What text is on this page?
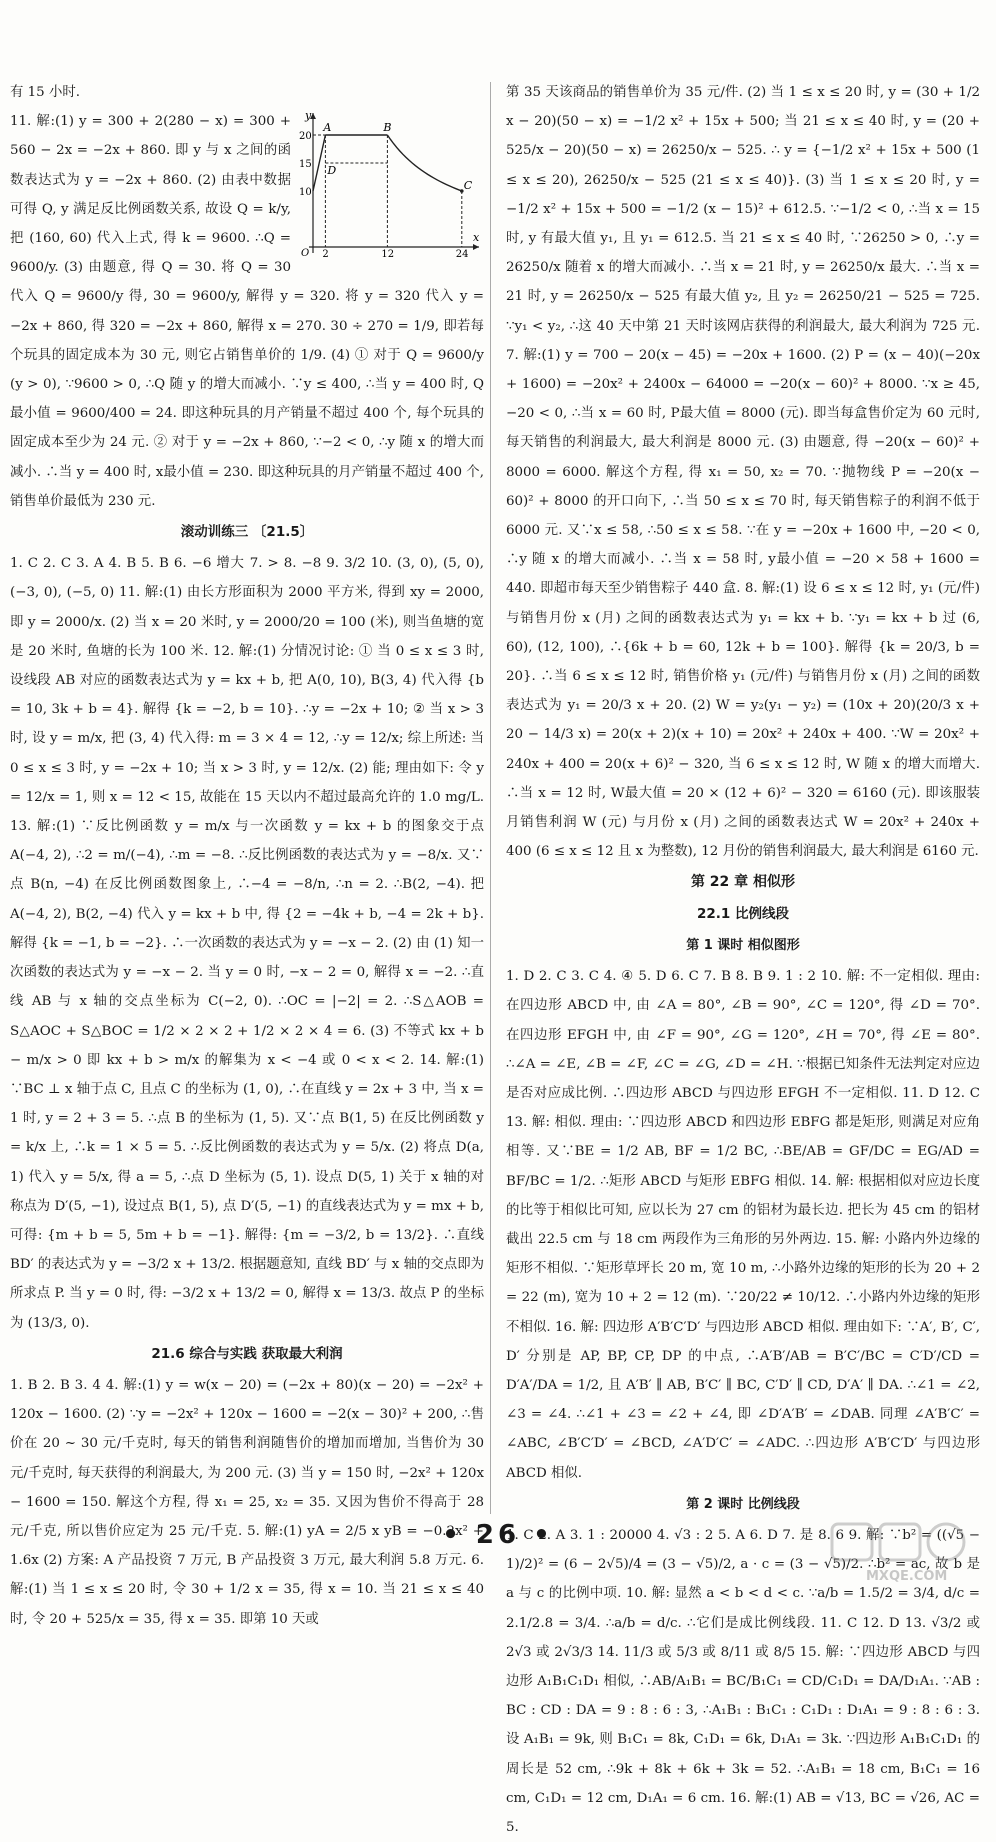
有 15 小时.

y
x
O
20
15
10
2	12	24
A	B
C
D

11. 解:(1) y = 300 + 2(280 − x) = 300 + 560 − 2x = −2x + 860. 即 y 与 x 之间的函数表达式为 y = −2x + 860. (2) 由表中数据可得 Q, y 满足反比例函数关系, 故设 Q = k/y, 把 (160, 60) 代入上式, 得 k = 9600. ∴Q = 9600/y. (3) 由题意, 得 Q = 30. 将 Q = 30 代入 Q = 9600/y 得, 30 = 9600/y, 解得 y = 320. 将 y = 320 代入 y = −2x + 860, 得 320 = −2x + 860, 解得 x = 270. 30 ÷ 270 = 1/9, 即若每个玩具的固定成本为 30 元, 则它占销售单价的 1/9. (4) ① 对于 Q = 9600/y (y > 0), ∵9600 > 0, ∴Q 随 y 的增大而减小. ∵y ≤ 400, ∴当 y = 400 时, Q最小值 = 9600/400 = 24. 即这种玩具的月产销量不超过 400 个, 每个玩具的固定成本至少为 24 元. ② 对于 y = −2x + 860, ∵−2 < 0, ∴y 随 x 的增大而减小. ∴当 y = 400 时, x最小值 = 230. 即这种玩具的月产销量不超过 400 个, 销售单价最低为 230 元.

滚动训练三 〔21.5〕

1. C 2. C 3. A 4. B 5. B 6. −6 增大 7. > 8. −8 9. 3/2 10. (3, 0), (5, 0), (−3, 0), (−5, 0) 11. 解:(1) 由长方形面积为 2000 平方米, 得到 xy = 2000, 即 y = 2000/x. (2) 当 x = 20 米时, y = 2000/20 = 100 (米), 则当鱼塘的宽是 20 米时, 鱼塘的长为 100 米. 12. 解:(1) 分情况讨论: ① 当 0 ≤ x ≤ 3 时, 设线段 AB 对应的函数表达式为 y = kx + b, 把 A(0, 10), B(3, 4) 代入得 {b = 10, 3k + b = 4}. 解得 {k = −2, b = 10}. ∴y = −2x + 10; ② 当 x > 3 时, 设 y = m/x, 把 (3, 4) 代入得: m = 3 × 4 = 12, ∴y = 12/x; 综上所述: 当 0 ≤ x ≤ 3 时, y = −2x + 10; 当 x > 3 时, y = 12/x. (2) 能; 理由如下: 令 y = 12/x = 1, 则 x = 12 < 15, 故能在 15 天以内不超过最高允许的 1.0 mg/L. 13. 解:(1) ∵反比例函数 y = m/x 与一次函数 y = kx + b 的图象交于点 A(−4, 2), ∴2 = m/(−4), ∴m = −8. ∴反比例函数的表达式为 y = −8/x. 又∵点 B(n, −4) 在反比例函数图象上, ∴−4 = −8/n, ∴n = 2. ∴B(2, −4). 把 A(−4, 2), B(2, −4) 代入 y = kx + b 中, 得 {2 = −4k + b, −4 = 2k + b}. 解得 {k = −1, b = −2}. ∴一次函数的表达式为 y = −x − 2. (2) 由 (1) 知一次函数的表达式为 y = −x − 2. 当 y = 0 时, −x − 2 = 0, 解得 x = −2. ∴直线 AB 与 x 轴的交点坐标为 C(−2, 0). ∴OC = |−2| = 2. ∴S△AOB = S△AOC + S△BOC = 1/2 × 2 × 2 + 1/2 × 2 × 4 = 6. (3) 不等式 kx + b − m/x > 0 即 kx + b > m/x 的解集为 x < −4 或 0 < x < 2. 14. 解:(1) ∵BC ⊥ x 轴于点 C, 且点 C 的坐标为 (1, 0), ∴在直线 y = 2x + 3 中, 当 x = 1 时, y = 2 + 3 = 5. ∴点 B 的坐标为 (1, 5). 又∵点 B(1, 5) 在反比例函数 y = k/x 上, ∴k = 1 × 5 = 5. ∴反比例函数的表达式为 y = 5/x. (2) 将点 D(a, 1) 代入 y = 5/x, 得 a = 5, ∴点 D 坐标为 (5, 1). 设点 D(5, 1) 关于 x 轴的对称点为 D′(5, −1), 设过点 B(1, 5), 点 D′(5, −1) 的直线表达式为 y = mx + b, 可得: {m + b = 5, 5m + b = −1}. 解得: {m = −3/2, b = 13/2}. ∴直线 BD′ 的表达式为 y = −3/2 x + 13/2. 根据题意知, 直线 BD′ 与 x 轴的交点即为所求点 P. 当 y = 0 时, 得: −3/2 x + 13/2 = 0, 解得 x = 13/3. 故点 P 的坐标为 (13/3, 0).

21.6 综合与实践 获取最大利润

1. B 2. B 3. 4 4. 解:(1) y = w(x − 20) = (−2x + 80)(x − 20) = −2x² + 120x − 1600. (2) ∵y = −2x² + 120x − 1600 = −2(x − 30)² + 200, ∴售价在 20 ~ 30 元/千克时, 每天的销售利润随售价的增加而增加, 当售价为 30 元/千克时, 每天获得的利润最大, 为 200 元. (3) 当 y = 150 时, −2x² + 120x − 1600 = 150. 解这个方程, 得 x₁ = 25, x₂ = 35. 又因为售价不得高于 28 元/千克, 所以售价应定为 25 元/千克. 5. 解:(1) yA = 2/5 x yB = −0.2x² + 1.6x (2) 方案: A 产品投资 7 万元, B 产品投资 3 万元, 最大利润 5.8 万元. 6. 解:(1) 当 1 ≤ x ≤ 20 时, 令 30 + 1/2 x = 35, 得 x = 10. 当 21 ≤ x ≤ 40 时, 令 20 + 525/x = 35, 得 x = 35. 即第 10 天或

第 35 天该商品的销售单价为 35 元/件. (2) 当 1 ≤ x ≤ 20 时, y = (30 + 1/2 x − 20)(50 − x) = −1/2 x² + 15x + 500; 当 21 ≤ x ≤ 40 时, y = (20 + 525/x − 20)(50 − x) = 26250/x − 525. ∴ y = {−1/2 x² + 15x + 500 (1 ≤ x ≤ 20), 26250/x − 525 (21 ≤ x ≤ 40)}. (3) 当 1 ≤ x ≤ 20 时, y = −1/2 x² + 15x + 500 = −1/2 (x − 15)² + 612.5. ∵−1/2 < 0, ∴当 x = 15 时, y 有最大值 y₁, 且 y₁ = 612.5. 当 21 ≤ x ≤ 40 时, ∵26250 > 0, ∴y = 26250/x 随着 x 的增大而减小. ∴当 x = 21 时, y = 26250/x 最大. ∴当 x = 21 时, y = 26250/x − 525 有最大值 y₂, 且 y₂ = 26250/21 − 525 = 725. ∵y₁ < y₂, ∴这 40 天中第 21 天时该网店获得的利润最大, 最大利润为 725 元. 7. 解:(1) y = 700 − 20(x − 45) = −20x + 1600. (2) P = (x − 40)(−20x + 1600) = −20x² + 2400x − 64000 = −20(x − 60)² + 8000. ∵x ≥ 45, −20 < 0, ∴当 x = 60 时, P最大值 = 8000 (元). 即当每盒售价定为 60 元时, 每天销售的利润最大, 最大利润是 8000 元. (3) 由题意, 得 −20(x − 60)² + 8000 = 6000. 解这个方程, 得 x₁ = 50, x₂ = 70. ∵抛物线 P = −20(x − 60)² + 8000 的开口向下, ∴当 50 ≤ x ≤ 70 时, 每天销售粽子的利润不低于 6000 元. 又∵x ≤ 58, ∴50 ≤ x ≤ 58. ∵在 y = −20x + 1600 中, −20 < 0, ∴y 随 x 的增大而减小. ∴当 x = 58 时, y最小值 = −20 × 58 + 1600 = 440. 即超市每天至少销售粽子 440 盒. 8. 解:(1) 设 6 ≤ x ≤ 12 时, y₁ (元/件) 与销售月份 x (月) 之间的函数表达式为 y₁ = kx + b. ∵y₁ = kx + b 过 (6, 60), (12, 100), ∴{6k + b = 60, 12k + b = 100}. 解得 {k = 20/3, b = 20}. ∴当 6 ≤ x ≤ 12 时, 销售价格 y₁ (元/件) 与销售月份 x (月) 之间的函数表达式为 y₁ = 20/3 x + 20. (2) W = y₂(y₁ − y₂) = (10x + 20)(20/3 x + 20 − 14/3 x) = 20(x + 2)(x + 10) = 20x² + 240x + 400. ∵W = 20x² + 240x + 400 = 20(x + 6)² − 320, 当 6 ≤ x ≤ 12 时, W 随 x 的增大而增大. ∴当 x = 12 时, W最大值 = 20 × (12 + 6)² − 320 = 6160 (元). 即该服装月销售利润 W (元) 与月份 x (月) 之间的函数表达式 W = 20x² + 240x + 400 (6 ≤ x ≤ 12 且 x 为整数), 12 月份的销售利润最大, 最大利润是 6160 元.

第 22 章 相似形
22.1 比例线段
第 1 课时 相似图形

1. D 2. C 3. C 4. ④ 5. D 6. C 7. B 8. B 9. 1 : 2 10. 解: 不一定相似. 理由: 在四边形 ABCD 中, 由 ∠A = 80°, ∠B = 90°, ∠C = 120°, 得 ∠D = 70°. 在四边形 EFGH 中, 由 ∠F = 90°, ∠G = 120°, ∠H = 70°, 得 ∠E = 80°. ∴∠A = ∠E, ∠B = ∠F, ∠C = ∠G, ∠D = ∠H. ∵根据已知条件无法判定对应边是否对应成比例. ∴四边形 ABCD 与四边形 EFGH 不一定相似. 11. D 12. C 13. 解: 相似. 理由: ∵四边形 ABCD 和四边形 EBFG 都是矩形, 则满足对应角相等. 又∵BE = 1/2 AB, BF = 1/2 BC, ∴BE/AB = GF/DC = EG/AD = BF/BC = 1/2. ∴矩形 ABCD 与矩形 EBFG 相似. 14. 解: 根据相似对应边长度的比等于相似比可知, 应以长为 27 cm 的铝材为最长边. 把长为 45 cm 的铝材截出 22.5 cm 与 18 cm 两段作为三角形的另外两边. 15. 解: 小路内外边缘的矩形不相似. ∵矩形草坪长 20 m, 宽 10 m, ∴小路外边缘的矩形的长为 20 + 2 = 22 (m), 宽为 10 + 2 = 12 (m). ∵20/22 ≠ 10/12. ∴小路内外边缘的矩形不相似. 16. 解: 四边形 A′B′C′D′ 与四边形 ABCD 相似. 理由如下: ∵A′, B′, C′, D′ 分别是 AP, BP, CP, DP 的中点, ∴A′B′/AB = B′C′/BC = C′D′/CD = D′A′/DA = 1/2, 且 A′B′ ∥ AB, B′C′ ∥ BC, C′D′ ∥ CD, D′A′ ∥ DA. ∴∠1 = ∠2, ∠3 = ∠4. ∴∠1 + ∠3 = ∠2 + ∠4, 即 ∠D′A′B′ = ∠DAB. 同理 ∠A′B′C′ = ∠ABC, ∠B′C′D′ = ∠BCD, ∠A′D′C′ = ∠ADC. ∴四边形 A′B′C′D′ 与四边形 ABCD 相似.

第 2 课时 比例线段

1. C 2. A 3. 1 : 20000 4. √3 : 2 5. A 6. D 7. 是 8. 6 9. 解: ∵b² = ((√5 − 1)/2)² = (6 − 2√5)/4 = (3 − √5)/2, a · c = (3 − √5)/2. ∴b² = ac, 故 b 是 a 与 c 的比例中项. 10. 解: 显然 a < b < d < c. ∵a/b = 1.5/2 = 3/4, d/c = 2.1/2.8 = 3/4. ∴a/b = d/c. ∴它们是成比例线段. 11. C 12. D 13. √3/2 或 2√3 或 2√3/3 14. 11/3 或 5/3 或 8/11 或 8/5 15. 解: ∵四边形 ABCD 与四边形 A₁B₁C₁D₁ 相似, ∴AB/A₁B₁ = BC/B₁C₁ = CD/C₁D₁ = DA/D₁A₁. ∵AB : BC : CD : DA = 9 : 8 : 6 : 3, ∴A₁B₁ : B₁C₁ : C₁D₁ : D₁A₁ = 9 : 8 : 6 : 3. 设 A₁B₁ = 9k, 则 B₁C₁ = 8k, C₁D₁ = 6k, D₁A₁ = 3k. ∵四边形 A₁B₁C₁D₁ 的周长是 52 cm, ∴9k + 8k + 6k + 3k = 52. ∴A₁B₁ = 18 cm, B₁C₁ = 16 cm, C₁D₁ = 12 cm, D₁A₁ = 6 cm. 16. 解:(1) AB = √13, BC = √26, AC = 5.

• 26 •
MXQE.COM
